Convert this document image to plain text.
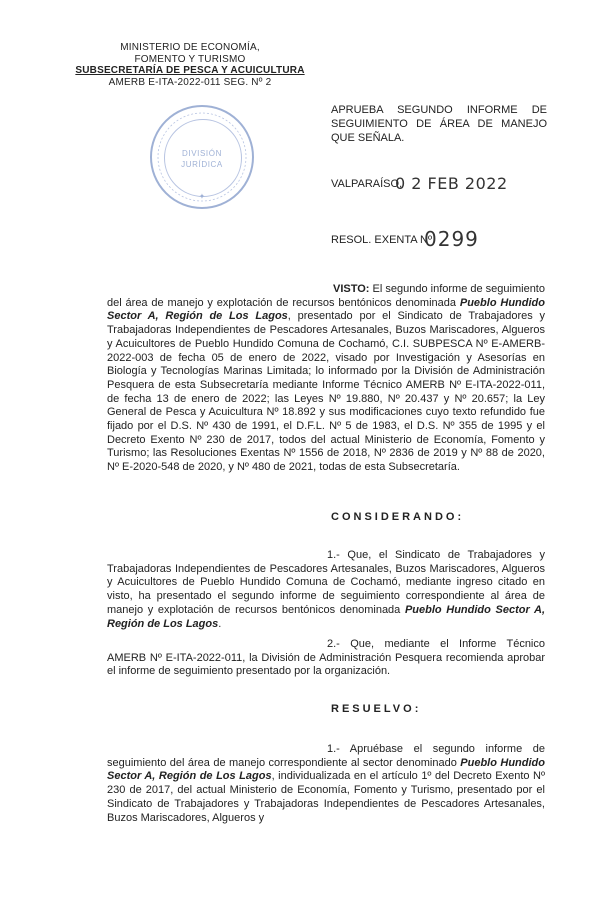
MINISTERIO DE ECONOMÍA,
FOMENTO Y TURISMO
SUBSECRETARÍA DE PESCA Y ACUICULTURA
AMERB E-ITA-2022-011 SEG. Nº 2
DIVISIÓN
JURÍDICA
✦
APRUEBA SEGUNDO INFORME DE SEGUIMIENTO DE ÁREA DE MANEJO QUE SEÑALA.
VALPARAÍSO,
0 2 FEB 2022
RESOL. EXENTA Nº
0299
VISTO: El segundo informe de seguimiento del área de manejo y explotación de recursos bentónicos denominada Pueblo Hundido Sector A, Región de Los Lagos, presentado por el Sindicato de Trabajadores y Trabajadoras Independientes de Pescadores Artesanales, Buzos Mariscadores, Algueros y Acuicultores de Pueblo Hundido Comuna de Cochamó, C.I. SUBPESCA Nº E-AMERB-2022-003 de fecha 05 de enero de 2022, visado por Investigación y Asesorías en Biología y Tecnologías Marinas Limitada; lo informado por la División de Administración Pesquera de esta Subsecretaría mediante Informe Técnico AMERB Nº E-ITA-2022-011, de fecha 13 de enero de 2022; las Leyes Nº 19.880, Nº 20.437 y Nº 20.657; la Ley General de Pesca y Acuicultura Nº 18.892 y sus modificaciones cuyo texto refundido fue fijado por el D.S. Nº 430 de 1991, el D.F.L. Nº 5 de 1983, el D.S. Nº 355 de 1995 y el Decreto Exento Nº 230 de 2017, todos del actual Ministerio de Economía, Fomento y Turismo; las Resoluciones Exentas Nº 1556 de 2018, Nº 2836 de 2019 y Nº 88 de 2020, Nº E-2020-548 de 2020, y Nº 480 de 2021, todas de esta Subsecretaría.
CONSIDERANDO:
1.- Que, el Sindicato de Trabajadores y Trabajadoras Independientes de Pescadores Artesanales, Buzos Mariscadores, Algueros y Acuicultores de Pueblo Hundido Comuna de Cochamó, mediante ingreso citado en visto, ha presentado el segundo informe de seguimiento correspondiente al área de manejo y explotación de recursos bentónicos denominada Pueblo Hundido Sector A, Región de Los Lagos.
2.- Que, mediante el Informe Técnico AMERB Nº E-ITA-2022-011, la División de Administración Pesquera recomienda aprobar el informe de seguimiento presentado por la organización.
RESUELVO:
1.- Apruébase el segundo informe de seguimiento del área de manejo correspondiente al sector denominado Pueblo Hundido Sector A, Región de Los Lagos, individualizada en el artículo 1º del Decreto Exento Nº 230 de 2017, del actual Ministerio de Economía, Fomento y Turismo, presentado por el Sindicato de Trabajadores y Trabajadoras Independientes de Pescadores Artesanales, Buzos Mariscadores, Algueros y
